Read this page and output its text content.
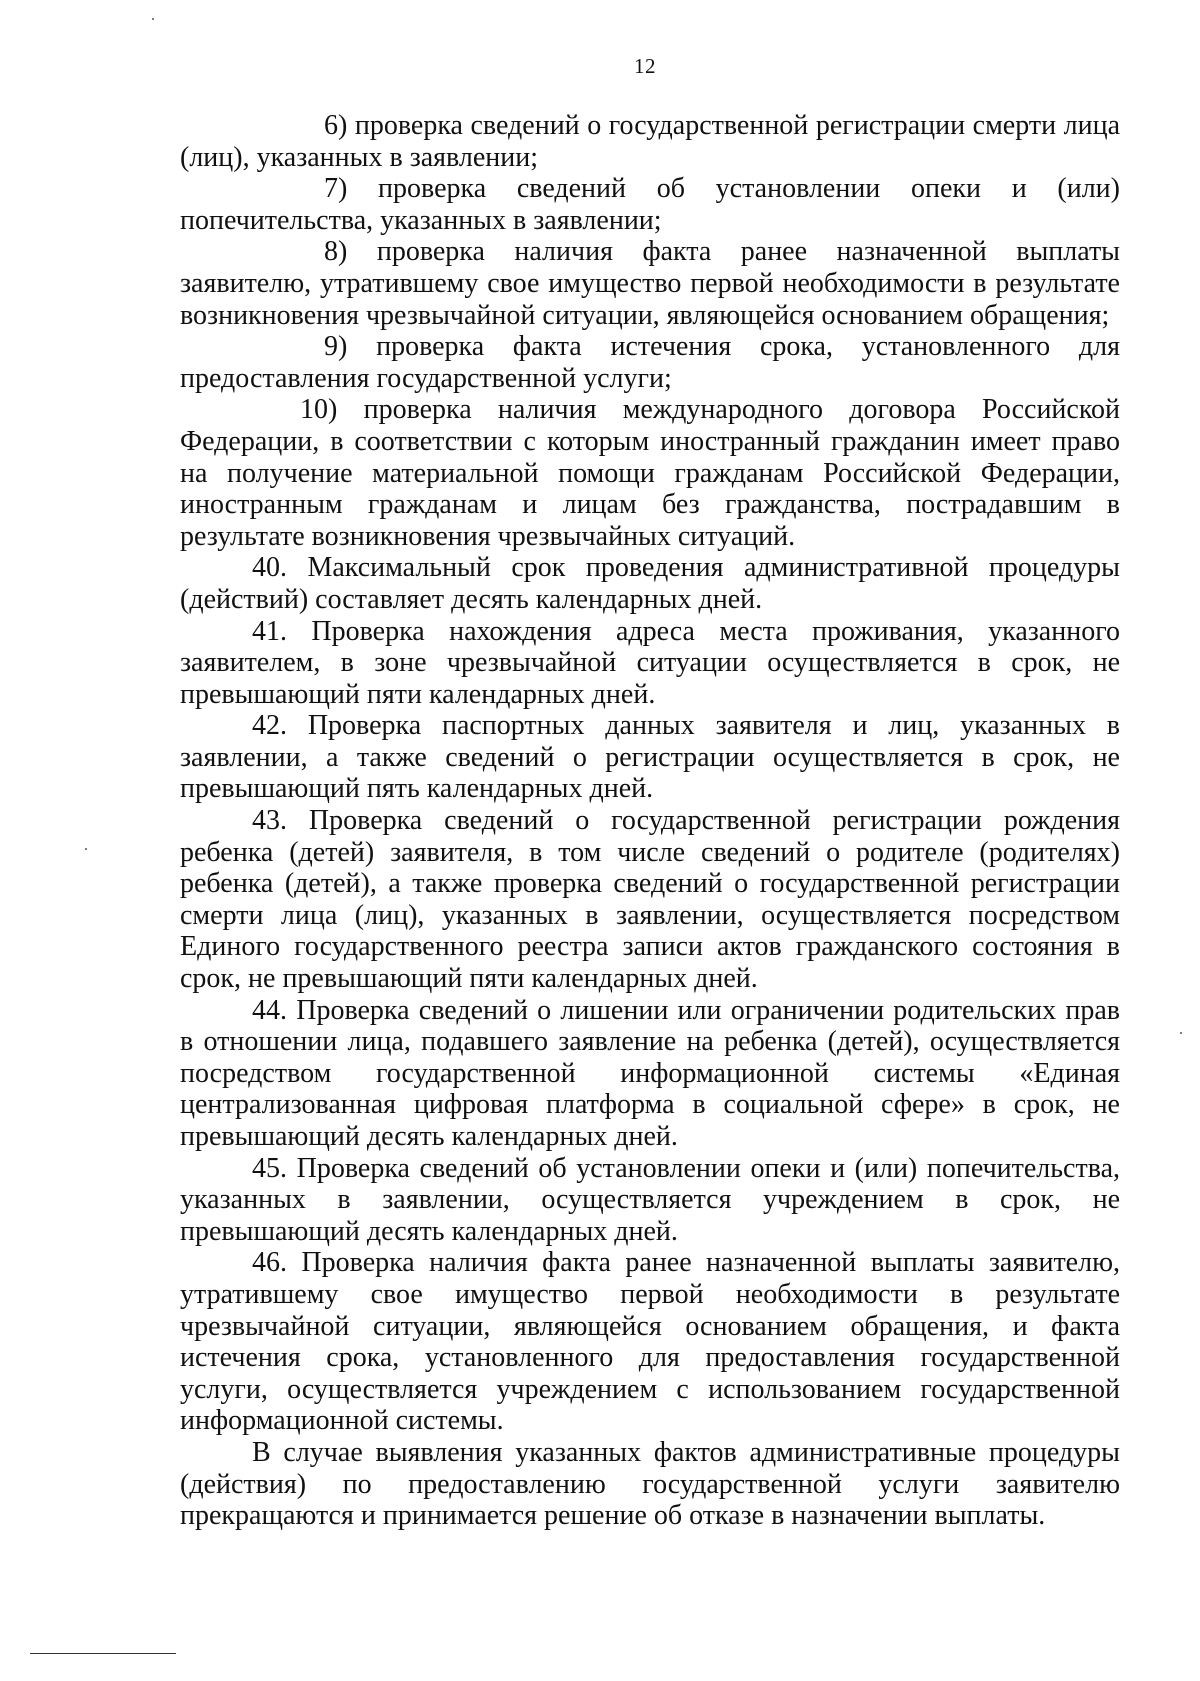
12

6) проверка сведений о государственной регистрации смерти лица (лиц), указанных в заявлении;

7) проверка сведений об установлении опеки и (или) попечительства, указанных в заявлении;

8) проверка наличия факта ранее назначенной выплаты заявителю, утратившему свое имущество первой необходимости в результате возникновения чрезвычайной ситуации, являющейся основанием обращения;

9) проверка факта истечения срока, установленного для предоставления государственной услуги;

10) проверка наличия международного договора Российской Федерации, в соответствии с которым иностранный гражданин имеет право на получение материальной помощи гражданам Российской Федерации, иностранным гражданам и лицам без гражданства, пострадавшим в результате возникновения чрезвычайных ситуаций.

40. Максимальный срок проведения административной процедуры (действий) составляет десять календарных дней.

41. Проверка нахождения адреса места проживания, указанного заявителем, в зоне чрезвычайной ситуации осуществляется в срок, не превышающий пяти календарных дней.

42. Проверка паспортных данных заявителя и лиц, указанных в заявлении, а также сведений о регистрации осуществляется в срок, не превышающий пять календарных дней.

43. Проверка сведений о государственной регистрации рождения ребенка (детей) заявителя, в том числе сведений о родителе (родителях) ребенка (детей), а также проверка сведений о государственной регистрации смерти лица (лиц), указанных в заявлении, осуществляется посредством Единого государственного реестра записи актов гражданского состояния в срок, не превышающий пяти календарных дней.

44. Проверка сведений о лишении или ограничении родительских прав в отношении лица, подавшего заявление на ребенка (детей), осуществляется посредством государственной информационной системы «Единая централизованная цифровая платформа в социальной сфере» в срок, не превышающий десять календарных дней.

45. Проверка сведений об установлении опеки и (или) попечительства, указанных в заявлении, осуществляется учреждением в срок, не превышающий десять календарных дней.

46. Проверка наличия факта ранее назначенной выплаты заявителю, утратившему свое имущество первой необходимости в результате чрезвычайной ситуации, являющейся основанием обращения, и факта истечения срока, установленного для предоставления государственной услуги, осуществляется учреждением с использованием государственной информационной системы.

В случае выявления указанных фактов административные процедуры (действия) по предоставлению государственной услуги заявителю прекращаются и принимается решение об отказе в назначении выплаты.
